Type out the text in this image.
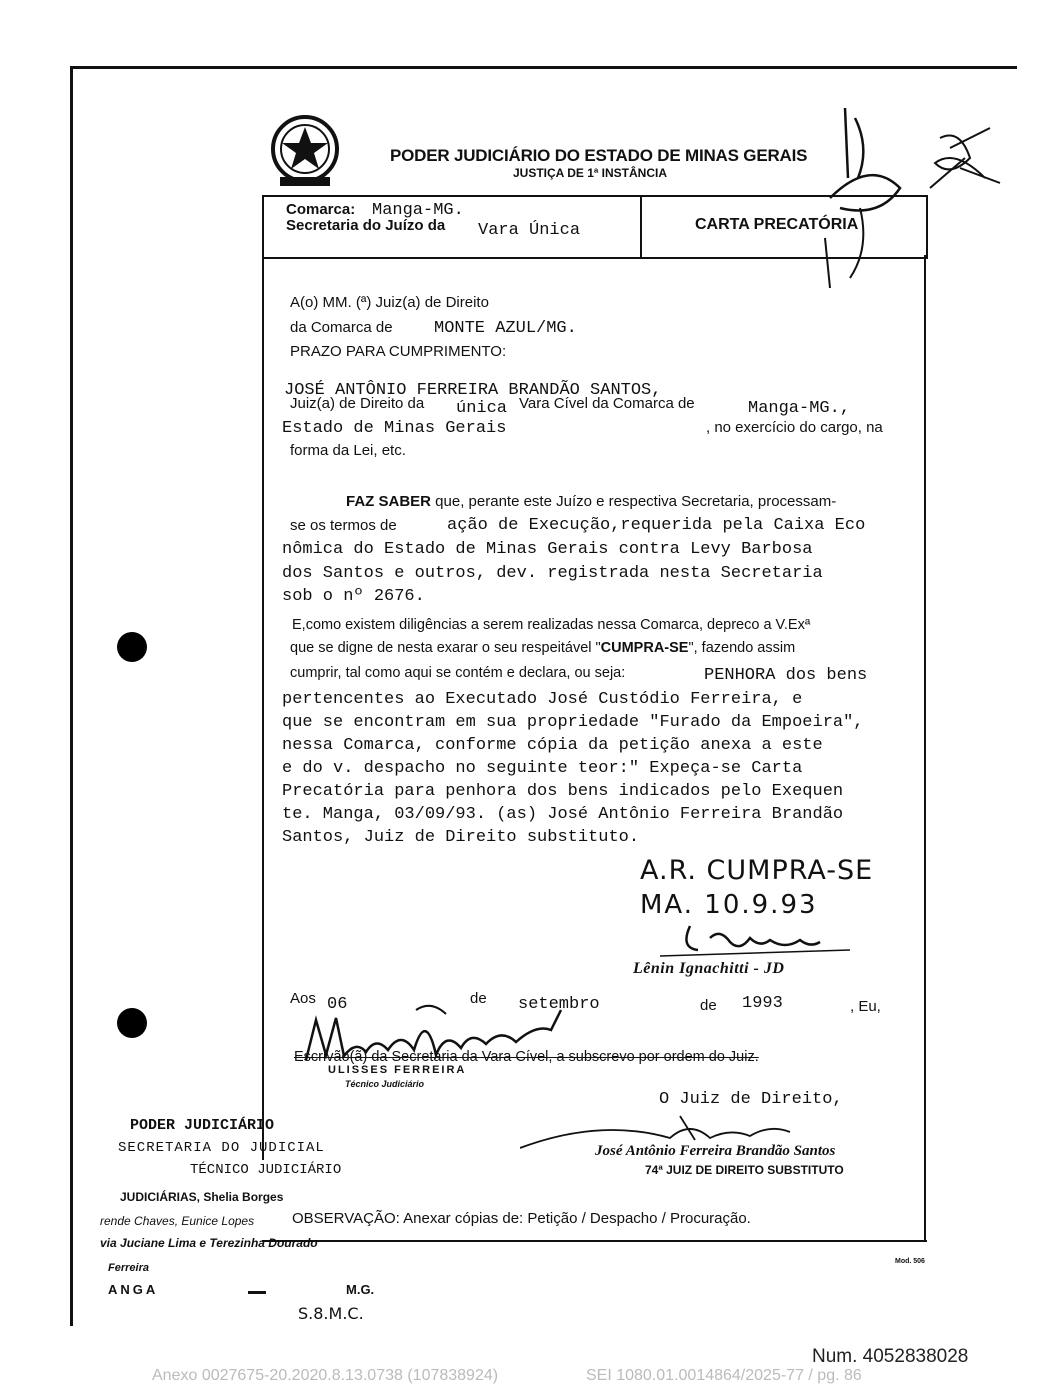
PODER JUDICIÁRIO DO ESTADO DE MINAS GERAIS
JUSTIÇA DE 1ª INSTÂNCIA
Comarca: Manga-MG.
Secretaria do Juízo da Vara Única	CARTA PRECATÓRIA
A(o) MM. (ª) Juiz(a) de Direito
da Comarca de MONTE AZUL/MG.
PRAZO PARA CUMPRIMENTO:
JOSÉ ANTÔNIO FERREIRA BRANDÃO SANTOS,
Juiz(a) de Direito da única Vara Cível da Comarca de	Manga-MG.,
Estado de Minas Gerais	, no exercício do cargo, na
forma da Lei, etc.
FAZ SABER que, perante este Juízo e respectiva Secretaria, processam-
se os termos de	ação de Execução,requerida pela Caixa Eco
nômica do Estado de Minas Gerais contra Levy Barbosa
dos Santos e outros, dev. registrada nesta Secretaria
sob o nº 2676.
E,como existem diligências a serem realizadas nessa Comarca, depreco a V.Exª
que se digne de nesta exarar o seu respeitável "CUMPRA-SE", fazendo assim
cumprir, tal como aqui se contém e declara, ou seja:	PENHORA dos bens
pertencentes ao Executado José Custódio Ferreira, e
que se encontram em sua propriedade "Furado da Empoeira",
nessa Comarca, conforme cópia da petição anexa a este
e do v. despacho no seguinte teor:" Expeça-se Carta
Precatória para penhora dos bens indicados pelo Exequen
te. Manga, 03/09/93. (as) José Antônio Ferreira Brandão
Santos, Juiz de Direito substituto.
A.R. CUMPRA-SE
MA. 10.9.93
Lênin Ignachitti - JD
Aos 06	de setembro	de 1993	, Eu,
Escrivão(ã) da Secretaria da Vara Cível, a subscrevo por ordem do Juiz.
ULISSES FERREIRA
Técnico Judiciário
O Juiz de Direito,
José Antônio Ferreira Brandão Santos
74ª JUIZ DE DIREITO SUBSTITUTO
OBSERVAÇÃO: Anexar cópias de: Petição / Despacho / Procuração.
Mod. 506
PODER JUDICIÁRIO
SECRETARIA DO JUDICIAL
TÉCNICO JUDICIÁRIO
JUDICIÁRIAS, Shelia Borges
rende Chaves, Eunice Lopes
via Juciane Lima e Terezinha Dourado
Ferreira
ANGA	M.G.
S.8.M.C.
Num. 4052838028
Anexo 0027675-20.2020.8.13.0738 (107838924)	SEI 1080.01.0014864/2025-77 / pg. 86
